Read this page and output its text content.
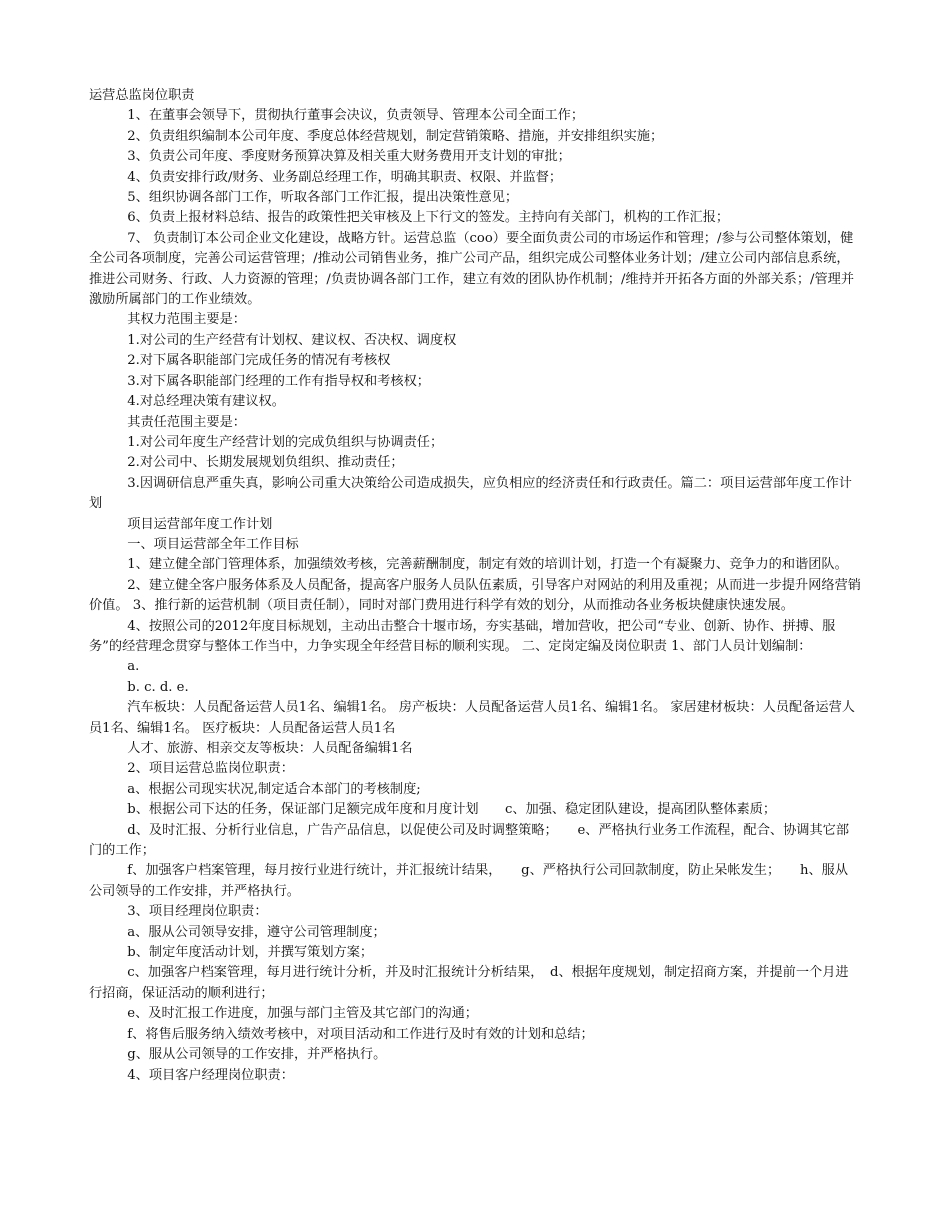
运营总监岗位职责

1、在董事会领导下，贯彻执行董事会决议，负责领导、管理本公司全面工作；

2、负责组织编制本公司年度、季度总体经营规划，制定营销策略、措施，并安排组织实施；

3、负责公司年度、季度财务预算决算及相关重大财务费用开支计划的审批；

4、负责安排行政/财务、业务副总经理工作，明确其职责、权限、并监督；

5、组织协调各部门工作，听取各部门工作汇报，提出决策性意见；

6、负责上报材料总结、报告的政策性把关审核及上下行文的签发。主持向有关部门，机构的工作汇报；

7、 负责制订本公司企业文化建设，战略方针。运营总监（coo）要全面负责公司的市场运作和管理；/参与公司整体策划，健全公司各项制度，完善公司运营管理；/推动公司销售业务，推广公司产品，组织完成公司整体业务计划；/建立公司内部信息系统，推进公司财务、行政、人力资源的管理；/负责协调各部门工作，建立有效的团队协作机制；/维持并开拓各方面的外部关系；/管理并激励所属部门的工作业绩效。

其权力范围主要是：

1.对公司的生产经营有计划权、建议权、否决权、调度权

2.对下属各职能部门完成任务的情况有考核权

3.对下属各职能部门经理的工作有指导权和考核权；

4.对总经理决策有建议权。

其责任范围主要是：

1.对公司年度生产经营计划的完成负组织与协调责任；

2.对公司中、长期发展规划负组织、推动责任；

3.因调研信息严重失真，影响公司重大决策给公司造成损失，应负相应的经济责任和行政责任。篇二：项目运营部年度工作计划

项目运营部年度工作计划

一、项目运营部全年工作目标

1、建立健全部门管理体系，加强绩效考核，完善薪酬制度，制定有效的培训计划，打造一个有凝聚力、竞争力的和谐团队。

2、建立健全客户服务体系及人员配备，提高客户服务人员队伍素质，引导客户对网站的利用及重视；从而进一步提升网络营销价值。 3、推行新的运营机制（项目责任制），同时对部门费用进行科学有效的划分，从而推动各业务板块健康快速发展。

4、按照公司的2012年度目标规划，主动出击整合十堰市场，夯实基础，增加营收，把公司“专业、创新、协作、拼搏、服务”的经营理念贯穿与整体工作当中，力争实现全年经营目标的顺利实现。 二、定岗定编及岗位职责 1、部门人员计划编制：

a.

b. c. d. e.

汽车板块：人员配备运营人员1名、编辑1名。 房产板块：人员配备运营人员1名、编辑1名。 家居建材板块：人员配备运营人员1名、编辑1名。 医疗板块：人员配备运营人员1名

人才、旅游、相亲交友等板块：人员配备编辑1名

2、项目运营总监岗位职责：

a、根据公司现实状况,制定适合本部门的考核制度;

b、根据公司下达的任务，保证部门足额完成年度和月度计划　　c、加强、稳定团队建设，提高团队整体素质；

d、及时汇报、分析行业信息，广告产品信息，以促使公司及时调整策略；　　e、严格执行业务工作流程，配合、协调其它部门的工作；

f、加强客户档案管理，每月按行业进行统计，并汇报统计结果，　　g、严格执行公司回款制度，防止呆帐发生；　　h、服从公司领导的工作安排，并严格执行。

3、项目经理岗位职责：

a、服从公司领导安排，遵守公司管理制度；

b、制定年度活动计划，并撰写策划方案；

c、加强客户档案管理，每月进行统计分析，并及时汇报统计分析结果，　d、根据年度规划，制定招商方案，并提前一个月进行招商，保证活动的顺利进行；

e、及时汇报工作进度，加强与部门主管及其它部门的沟通；

f、将售后服务纳入绩效考核中，对项目活动和工作进行及时有效的计划和总结；

g、服从公司领导的工作安排，并严格执行。

4、项目客户经理岗位职责：
